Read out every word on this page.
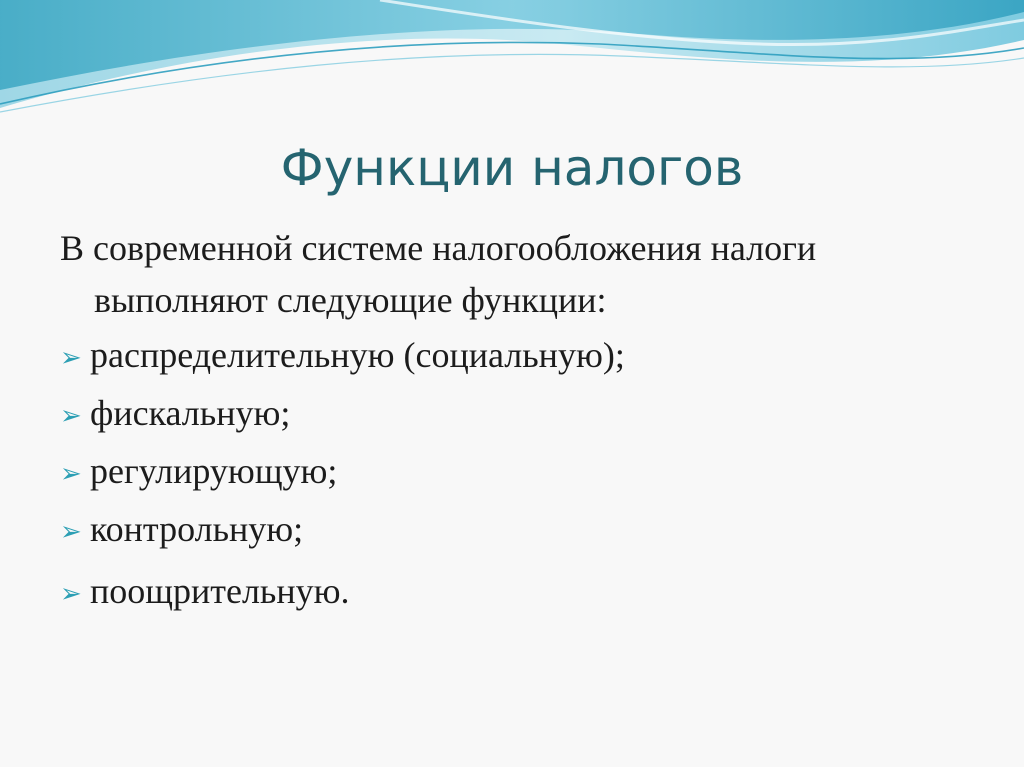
Функции налогов

В современной системе налогообложения налоги
выполняют следующие функции:

➢ распределительную (социальную);
➢ фискальную;
➢ регулирующую;
➢ контрольную;
➢ поощрительную.
